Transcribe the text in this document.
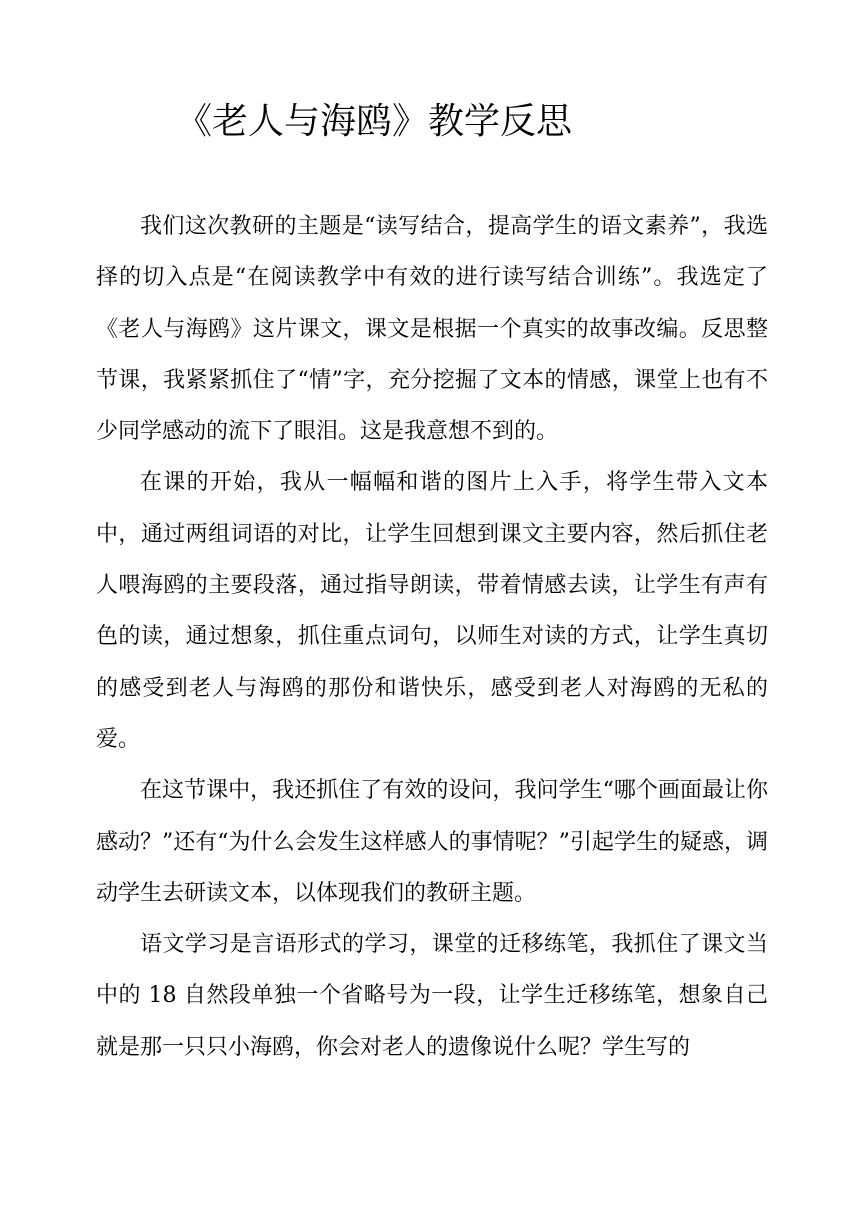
《老人与海鸥》教学反思

我们这次教研的主题是“读写结合，提高学生的语文素养”，我选择的切入点是“在阅读教学中有效的进行读写结合训练”。我选定了《老人与海鸥》这片课文，课文是根据一个真实的故事改编。反思整节课，我紧紧抓住了“情”字，充分挖掘了文本的情感，课堂上也有不少同学感动的流下了眼泪。这是我意想不到的。

在课的开始，我从一幅幅和谐的图片上入手，将学生带入文本中，通过两组词语的对比，让学生回想到课文主要内容，然后抓住老人喂海鸥的主要段落，通过指导朗读，带着情感去读，让学生有声有色的读，通过想象，抓住重点词句，以师生对读的方式，让学生真切的感受到老人与海鸥的那份和谐快乐，感受到老人对海鸥的无私的爱。

在这节课中，我还抓住了有效的设问，我问学生“哪个画面最让你感动？”还有“为什么会发生这样感人的事情呢？”引起学生的疑惑，调动学生去研读文本，以体现我们的教研主题。

语文学习是言语形式的学习，课堂的迁移练笔，我抓住了课文当中的 18 自然段单独一个省略号为一段，让学生迁移练笔，想象自己就是那一只只小海鸥，你会对老人的遗像说什么呢？学生写的
